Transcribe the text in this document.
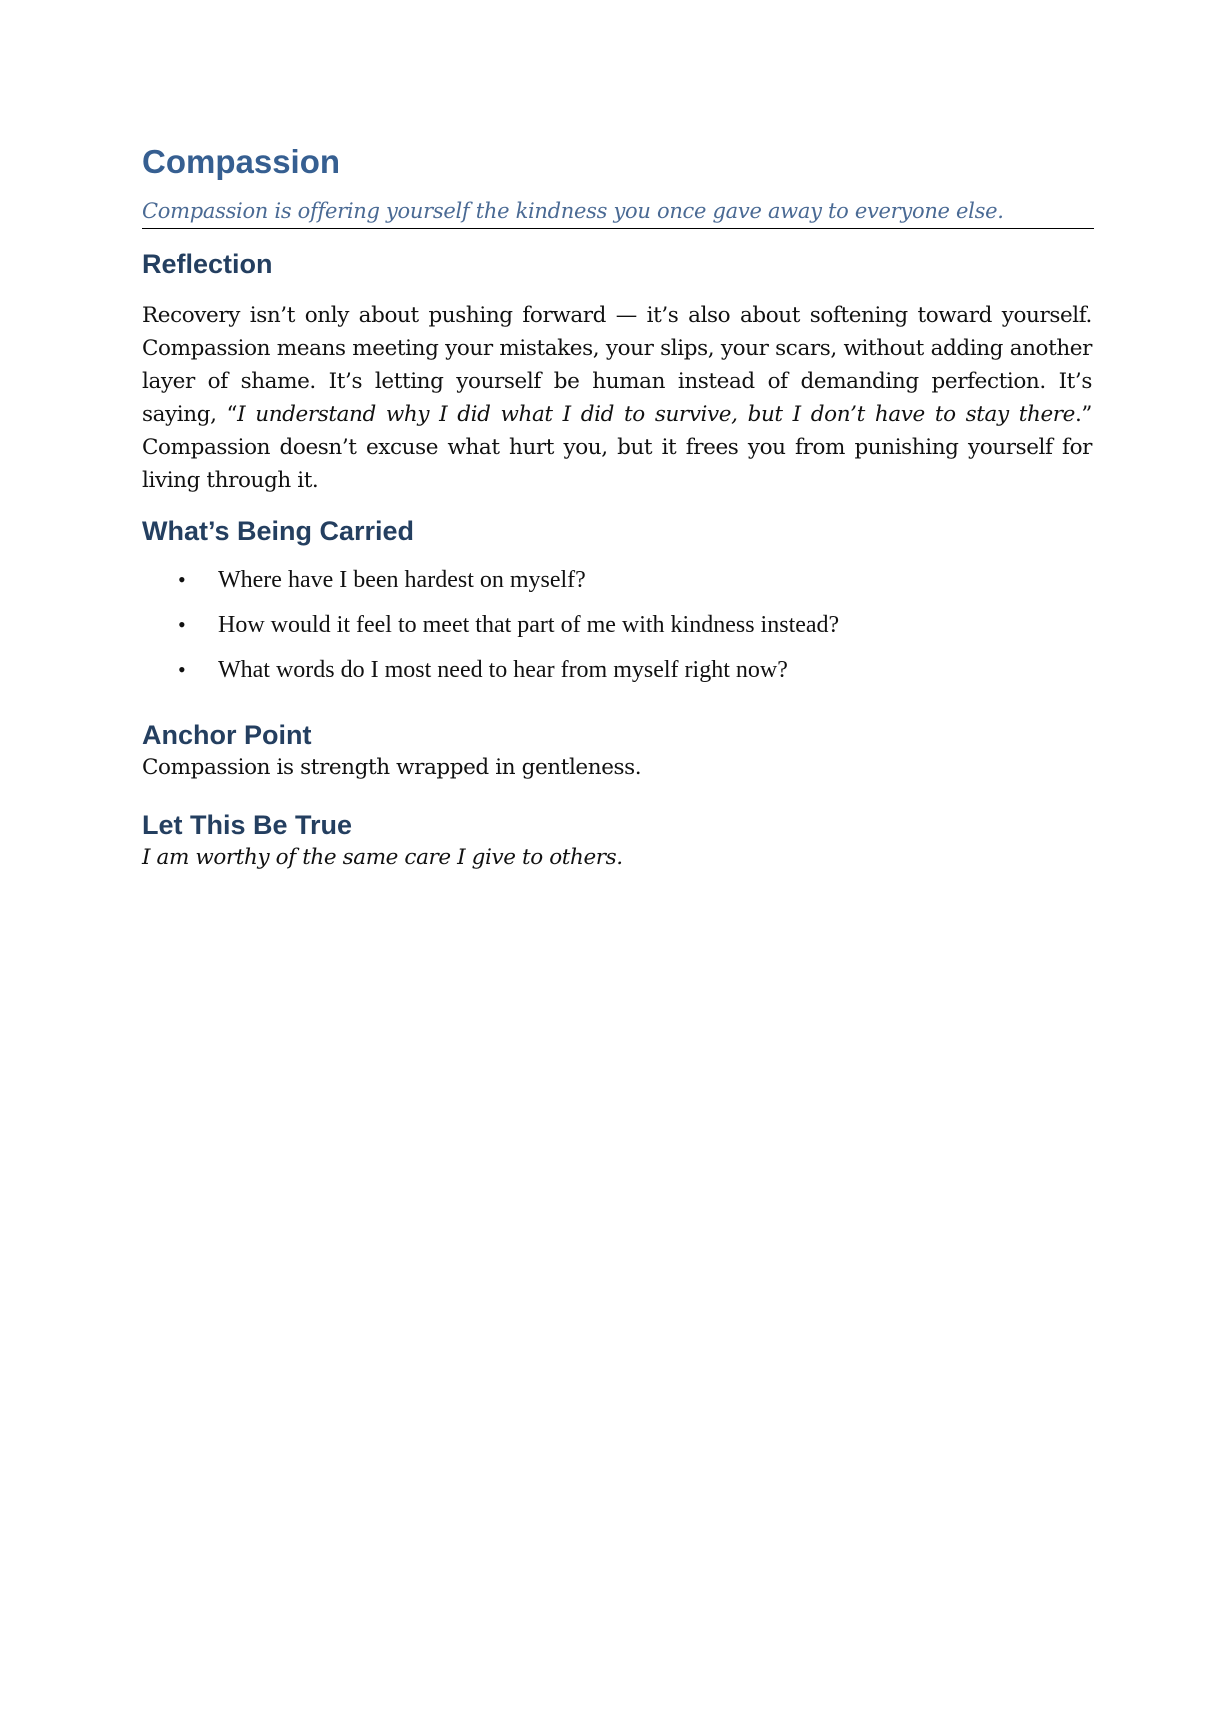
Compassion

Compassion is offering yourself the kindness you once gave away to everyone else.

Reflection

Recovery isn’t only about pushing forward — it’s also about softening toward yourself. Compassion means meeting your mistakes, your slips, your scars, without adding another layer of shame. It’s letting yourself be human instead of demanding perfection. It’s saying, “I understand why I did what I did to survive, but I don’t have to stay there.” Compassion doesn’t excuse what hurt you, but it frees you from punishing yourself for living through it.

What’s Being Carried
• Where have I been hardest on myself?
• How would it feel to meet that part of me with kindness instead?
• What words do I most need to hear from myself right now?
Anchor Point

Compassion is strength wrapped in gentleness.

Let This Be True

I am worthy of the same care I give to others.
